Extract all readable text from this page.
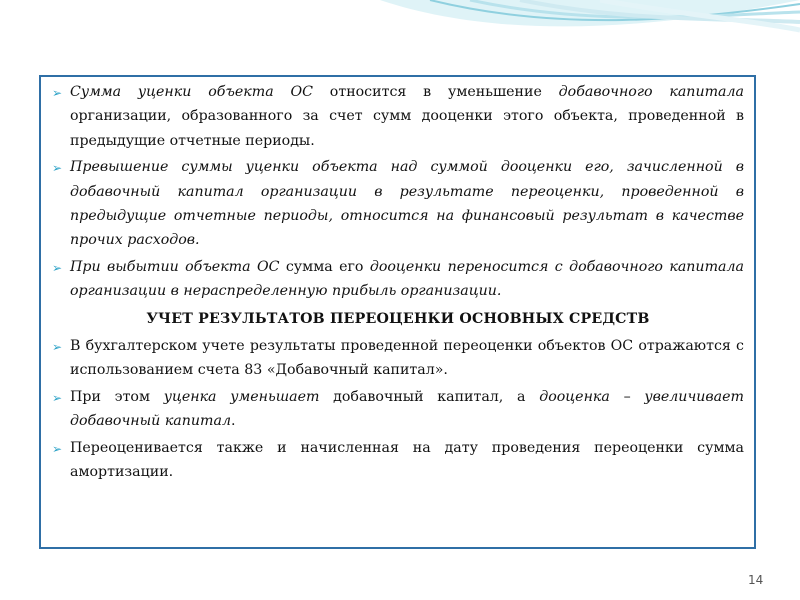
➢ Сумма уценки объекта ОС относится в уменьшение добавочного капитала организации, образованного за счет сумм дооценки этого объекта, проведенной в предыдущие отчетные периоды.
➢ Превышение суммы уценки объекта над суммой дооценки его, зачисленной в добавочный капитал организации в результате переоценки, проведенной в предыдущие отчетные периоды, относится на финансовый результат в качестве прочих расходов.
➢ При выбытии объекта ОС сумма его дооценки переносится с добавочного капитала организации в нераспределенную прибыль организации.
УЧЕТ РЕЗУЛЬТАТОВ ПЕРЕОЦЕНКИ ОСНОВНЫХ СРЕДСТВ
➢ В бухгалтерском учете результаты проведенной переоценки объектов ОС отражаются с использованием счета 83 «Добавочный капитал».
➢ При этом уценка уменьшает добавочный капитал, а дооценка – увеличивает добавочный капитал.
➢ Переоценивается также и начисленная на дату проведения переоценки сумма амортизации.
14
